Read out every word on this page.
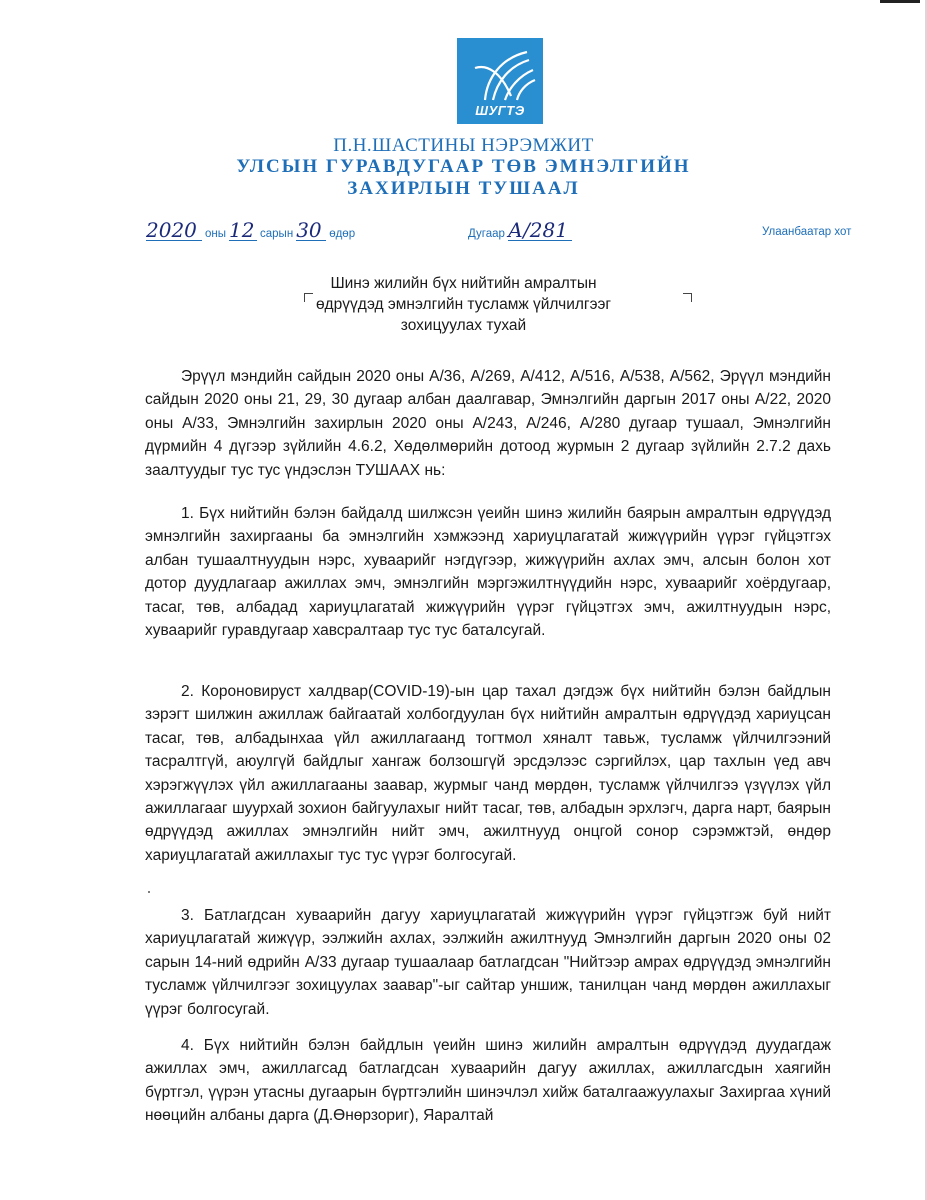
ШУГТЭ
П.Н.ШАСТИНЫ НЭРЭМЖИТ
УЛСЫН ГУРАВДУГААР ТӨВ ЭМНЭЛГИЙН
ЗАХИРЛЫН ТУШААЛ
2020 оны 12 сарын 30 өдөр	Дугаар А/281	Улаанбаатар хот
Шинэ жилийн бүх нийтийн амралтын
өдрүүдэд эмнэлгийн тусламж үйлчилгээг
зохицуулах тухай

Эрүүл мэндийн сайдын 2020 оны А/36, А/269, А/412, А/516, А/538, А/562, Эрүүл мэндийн сайдын 2020 оны 21, 29, 30 дугаар албан даалгавар, Эмнэлгийн даргын 2017 оны А/22, 2020 оны А/33, Эмнэлгийн захирлын 2020 оны А/243, А/246, А/280 дугаар тушаал, Эмнэлгийн дүрмийн 4 дүгээр зүйлийн 4.6.2, Хөдөлмөрийн дотоод журмын 2 дугаар зүйлийн 2.7.2 дахь заалтуудыг тус тус үндэслэн ТУШААХ нь:

1. Бүх нийтийн бэлэн байдалд шилжсэн үеийн шинэ жилийн баярын амралтын өдрүүдэд эмнэлгийн захиргааны ба эмнэлгийн хэмжээнд хариуцлагатай жижүүрийн үүрэг гүйцэтгэх албан тушаалтнуудын нэрс, хуваарийг нэгдүгээр, жижүүрийн ахлах эмч, алсын болон хот дотор дуудлагаар ажиллах эмч, эмнэлгийн мэргэжилтнүүдийн нэрс, хуваарийг хоёрдугаар, тасаг, төв, албадад хариуцлагатай жижүүрийн үүрэг гүйцэтгэх эмч, ажилтнуудын нэрс, хуваарийг гуравдугаар хавсралтаар тус тус баталсугай.

2. Короновируст халдвар(COVID-19)-ын цар тахал дэгдэж бүх нийтийн бэлэн байдлын зэрэгт шилжин ажиллаж байгаатай холбогдуулан бүх нийтийн амралтын өдрүүдэд хариуцсан тасаг, төв, албадынхаа үйл ажиллагаанд тогтмол хяналт тавьж, тусламж үйлчилгээний тасралтгүй, аюулгүй байдлыг хангаж болзошгүй эрсдэлээс сэргийлэх, цар тахлын үед авч хэрэгжүүлэх үйл ажиллагааны заавар, журмыг чанд мөрдөн, тусламж үйлчилгээ үзүүлэх үйл ажиллагааг шуурхай зохион байгуулахыг нийт тасаг, төв, албадын эрхлэгч, дарга нарт, баярын өдрүүдэд ажиллах эмнэлгийн нийт эмч, ажилтнууд онцгой сонор сэрэмжтэй, өндөр хариуцлагатай ажиллахыг тус тус үүрэг болгосугай.

3. Батлагдсан хуваарийн дагуу хариуцлагатай жижүүрийн үүрэг гүйцэтгэж буй нийт хариуцлагатай жижүүр, ээлжийн ахлах, ээлжийн ажилтнууд Эмнэлгийн даргын 2020 оны 02 сарын 14-ний өдрийн А/33 дугаар тушаалаар батлагдсан "Нийтээр амрах өдрүүдэд эмнэлгийн тусламж үйлчилгээг зохицуулах заавар"-ыг сайтар уншиж, танилцан чанд мөрдөн ажиллахыг үүрэг болгосугай.

4. Бүх нийтийн бэлэн байдлын үеийн шинэ жилийн амралтын өдрүүдэд дуудагдаж ажиллах эмч, ажиллагсад батлагдсан хуваарийн дагуу ажиллах, ажиллагсдын хаягийн бүртгэл, үүрэн утасны дугаарын бүртгэлийн шинэчлэл хийж баталгаажуулахыг Захиргаа хүний нөөцийн албаны дарга (Д.Өнөрзориг), Яаралтай
